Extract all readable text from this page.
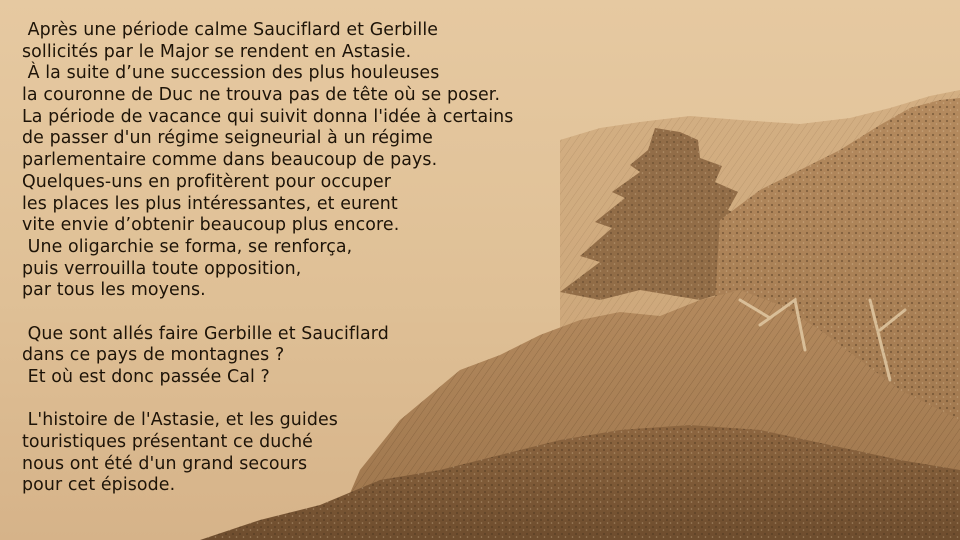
Après une période calme Sauciflard et Gerbille
sollicités par le Major se rendent en Astasie.
À la suite d’une succession des plus houleuses
la couronne de Duc ne trouva pas de tête où se poser.
La période de vacance qui suivit donna l'idée à certains
de passer d'un régime seigneurial à un régime
parlementaire comme dans beaucoup de pays.
Quelques-uns en profitèrent pour occuper
les places les plus intéressantes, et eurent
vite envie d’obtenir beaucoup plus encore.
Une oligarchie se forma, se renforça,
puis verrouilla toute opposition,
par tous les moyens.
Que sont allés faire Gerbille et Sauciflard
dans ce pays de montagnes ?
Et où est donc passée Cal ?
L'histoire de l'Astasie, et les guides
touristiques présentant ce duché
nous ont été d'un grand secours
pour cet épisode.
